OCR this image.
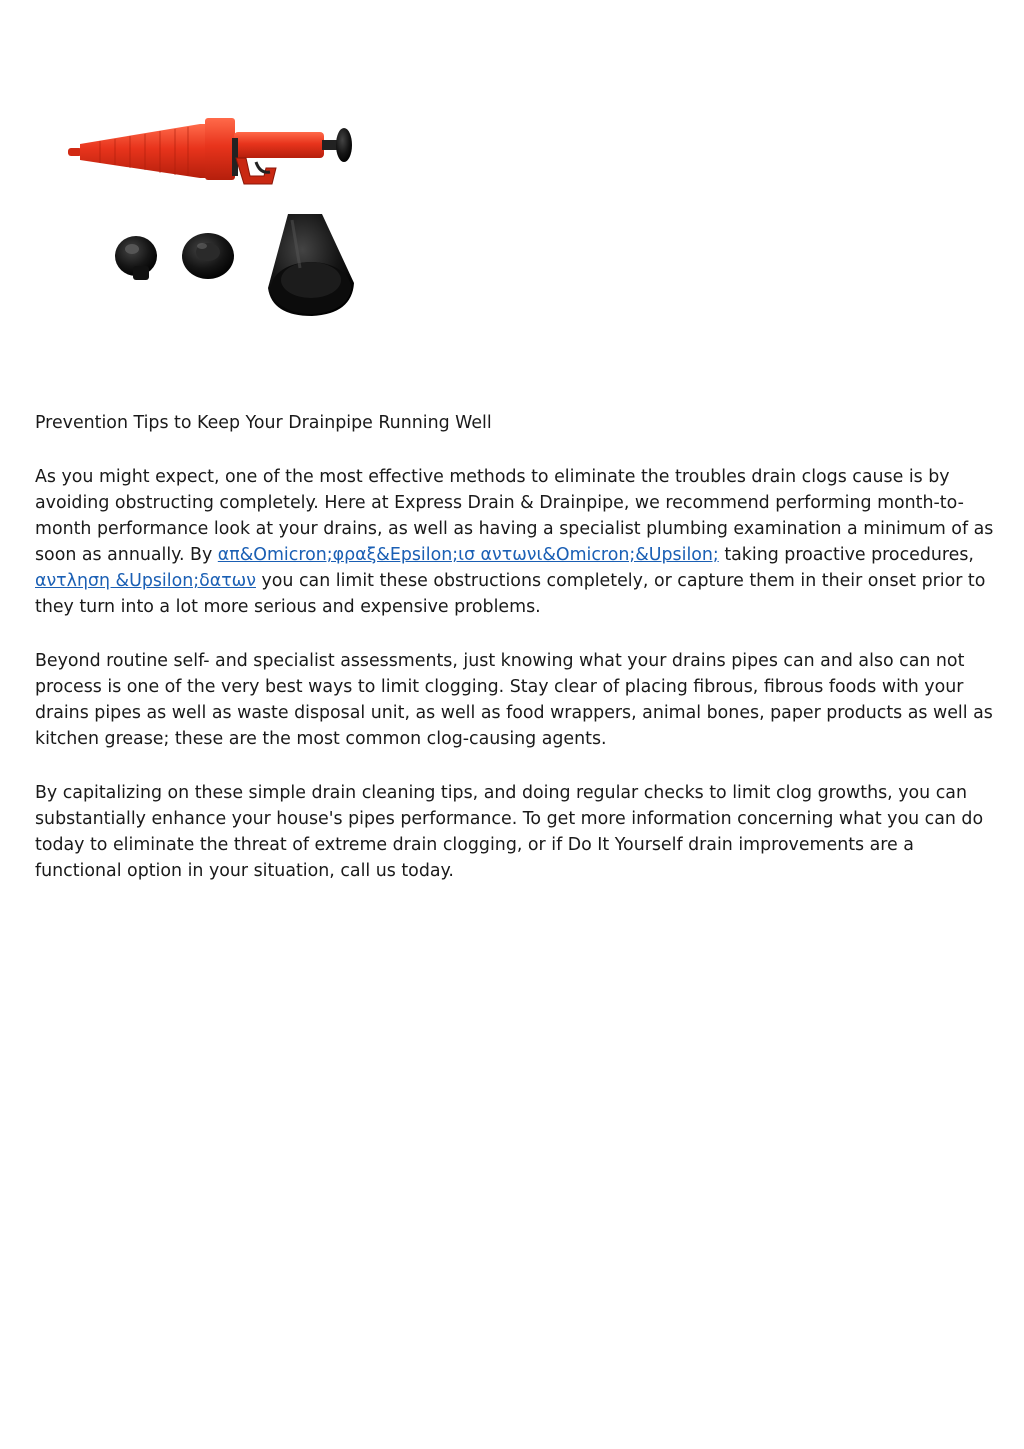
Prevention Tips to Keep Your Drainpipe Running Well

As you might expect, one of the most effective methods to eliminate the troubles drain clogs cause is by avoiding obstructing completely. Here at Express Drain & Drainpipe, we recommend performing month-to-month performance look at your drains, as well as having a specialist plumbing examination a minimum of as soon as annually. By απ&Omicron;φραξ&Epsilon;ισ αντωνι&Omicron;&Upsilon; taking proactive procedures, αντληση &Upsilon;δατων you can limit these obstructions completely, or capture them in their onset prior to they turn into a lot more serious and expensive problems.

Beyond routine self- and specialist assessments, just knowing what your drains pipes can and also can not process is one of the very best ways to limit clogging. Stay clear of placing fibrous, fibrous foods with your drains pipes as well as waste disposal unit, as well as food wrappers, animal bones, paper products as well as kitchen grease; these are the most common clog-causing agents.

By capitalizing on these simple drain cleaning tips, and doing regular checks to limit clog growths, you can substantially enhance your house's pipes performance. To get more information concerning what you can do today to eliminate the threat of extreme drain clogging, or if Do It Yourself drain improvements are a functional option in your situation, call us today.
